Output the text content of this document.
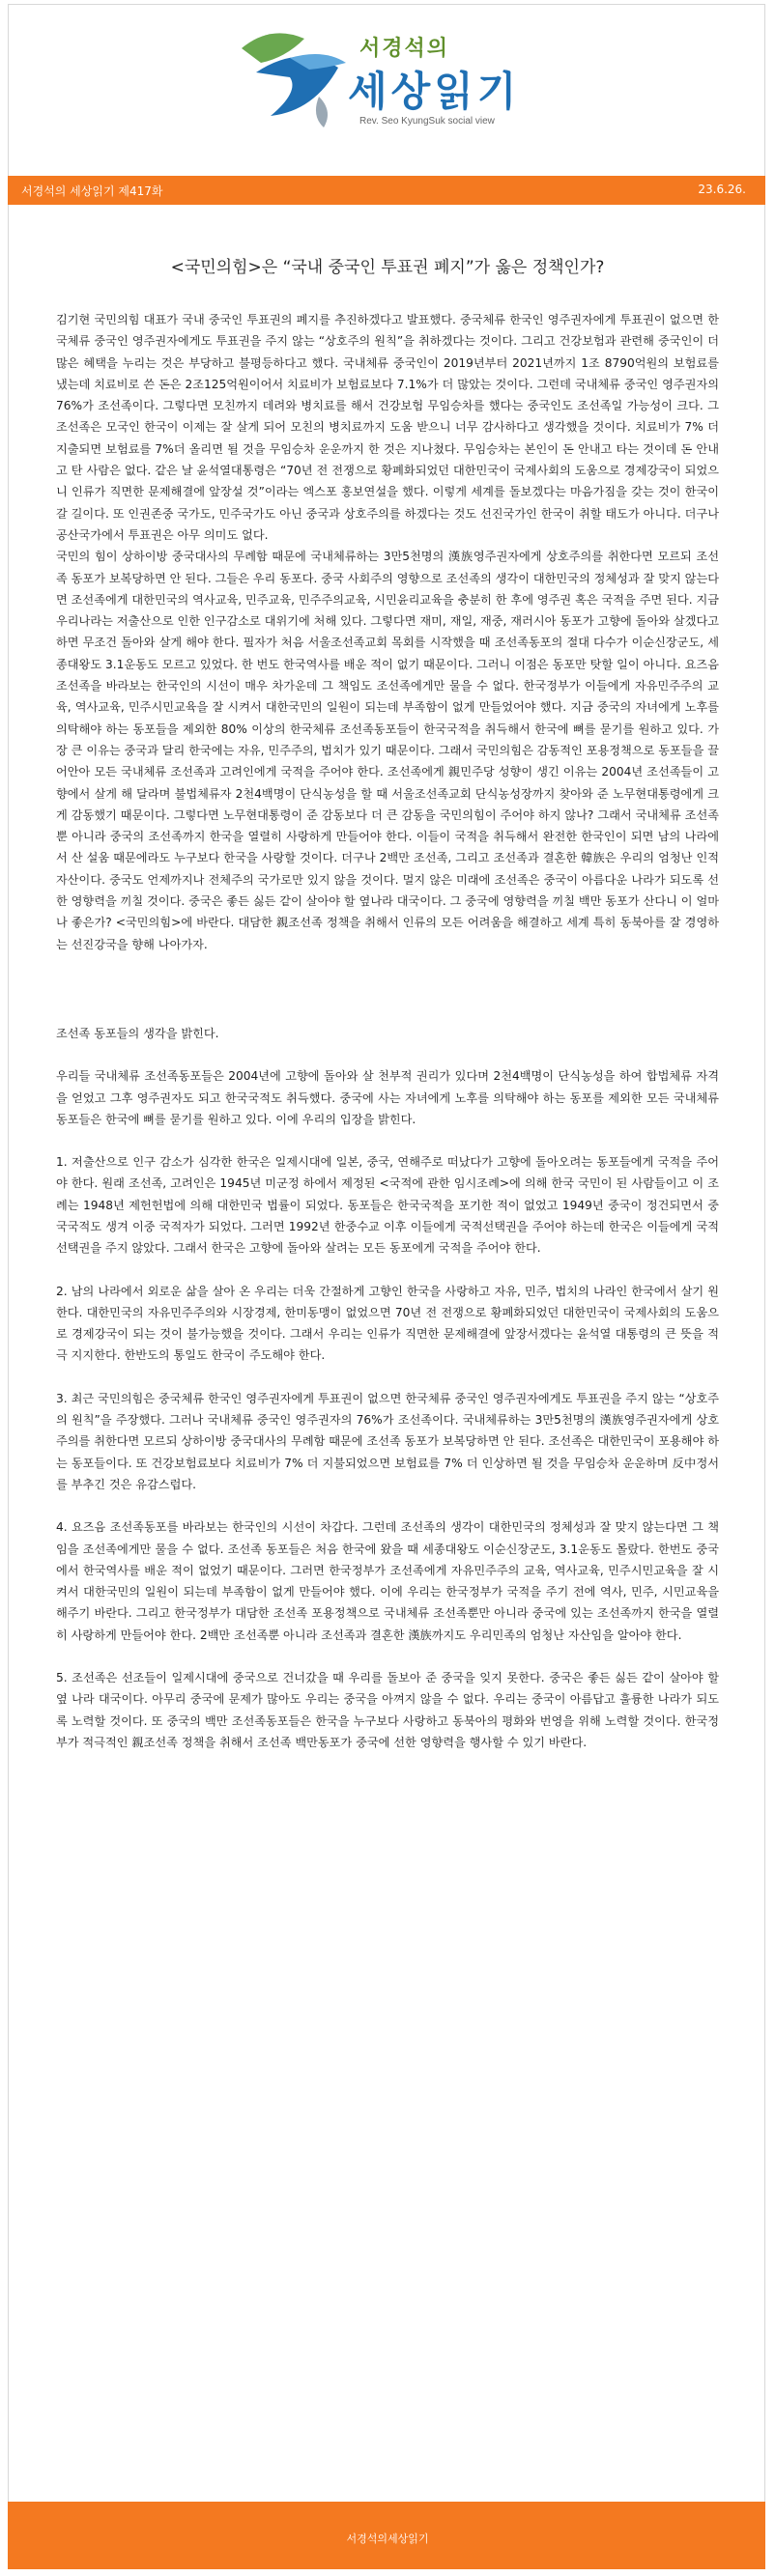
서경석의
세상읽기
Rev. Seo KyungSuk social view
서경석의 세상읽기 제417화	23.6.26.
<국민의힘>은 “국내 중국인 투표권 폐지”가 옳은 정책인가?

김기현 국민의힘 대표가 국내 중국인 투표권의 폐지를 추진하겠다고 발표했다. 중국체류 한국인 영주권자에게 투표권이 없으면 한국체류 중국인 영주권자에게도 투표권을 주지 않는 “상호주의 원칙”을 취하겠다는 것이다. 그리고 건강보험과 관련해 중국인이 더 많은 혜택을 누리는 것은 부당하고 불평등하다고 했다. 국내체류 중국인이 2019년부터 2021년까지 1조 8790억원의 보험료를 냈는데 치료비로 쓴 돈은 2조125억원이어서 치료비가 보험료보다 7.1%가 더 많았는 것이다. 그런데 국내체류 중국인 영주권자의 76%가 조선족이다. 그렇다면 모친까지 데려와 병치료를 해서 건강보험 무임승차를 했다는 중국인도 조선족일 가능성이 크다. 그 조선족은 모국인 한국이 이제는 잘 살게 되어 모친의 병치료까지 도움 받으니 너무 감사하다고 생각했을 것이다. 치료비가 7% 더 지출되면 보험료를 7%더 올리면 될 것을 무임승차 운운까지 한 것은 지나쳤다. 무임승차는 본인이 돈 안내고 타는 것이데 돈 안내고 탄 사람은 없다. 같은 날 윤석열대통령은 “70년 전 전쟁으로 황폐화되었던 대한민국이 국제사회의 도움으로 경제강국이 되었으니 인류가 직면한 문제해결에 앞장설 것”이라는 엑스포 홍보연설을 했다. 이렇게 세계를 돌보겠다는 마음가짐을 갖는 것이 한국이 갈 길이다. 또 인권존중 국가도, 민주국가도 아닌 중국과 상호주의를 하겠다는 것도 선진국가인 한국이 취할 태도가 아니다. 더구나 공산국가에서 투표권은 아무 의미도 없다.

국민의 힘이 상하이방 중국대사의 무례함 때문에 국내체류하는 3만5천명의 漢族영주권자에게 상호주의를 취한다면 모르되 조선족 동포가 보복당하면 안 된다. 그들은 우리 동포다. 중국 사회주의 영향으로 조선족의 생각이 대한민국의 정체성과 잘 맞지 않는다면 조선족에게 대한민국의 역사교육, 민주교육, 민주주의교육, 시민윤리교육을 충분히 한 후에 영주권 혹은 국적을 주면 된다. 지금 우리나라는 저출산으로 인한 인구감소로 대위기에 처해 있다. 그렇다면 재미, 재일, 재중, 재러시아 동포가 고향에 돌아와 살겠다고 하면 무조건 돌아와 살게 해야 한다. 필자가 처음 서울조선족교회 목회를 시작했을 때 조선족동포의 절대 다수가 이순신장군도, 세종대왕도 3.1운동도 모르고 있었다. 한 번도 한국역사를 배운 적이 없기 때문이다. 그러니 이점은 동포만 탓할 일이 아니다. 요즈음 조선족을 바라보는 한국인의 시선이 매우 차가운데 그 책임도 조선족에게만 물을 수 없다. 한국정부가 이들에게 자유민주주의 교육, 역사교육, 민주시민교육을 잘 시켜서 대한국민의 일원이 되는데 부족함이 없게 만들었어야 했다. 지금 중국의 자녀에게 노후를 의탁해야 하는 동포들을 제외한 80% 이상의 한국체류 조선족동포들이 한국국적을 취득해서 한국에 뼈를 묻기를 원하고 있다. 가장 큰 이유는 중국과 달리 한국에는 자유, 민주주의, 법치가 있기 때문이다. 그래서 국민의힘은 감동적인 포용정책으로 동포들을 끌어안아 모든 국내체류 조선족과 고려인에게 국적을 주어야 한다. 조선족에게 親민주당 성향이 생긴 이유는 2004년 조선족들이 고향에서 살게 해 달라며 불법체류자 2천4백명이 단식농성을 할 때 서울조선족교회 단식농성장까지 찾아와 준 노무현대통령에게 크게 감동했기 때문이다. 그렇다면 노무현대통령이 준 감동보다 더 큰 감동을 국민의힘이 주어야 하지 않나? 그래서 국내체류 조선족 뿐 아니라 중국의 조선족까지 한국을 열렬히 사랑하게 만들어야 한다. 이들이 국적을 취득해서 완전한 한국인이 되면 남의 나라에서 산 설움 때문에라도 누구보다 한국을 사랑할 것이다. 더구나 2백만 조선족, 그리고 조선족과 결혼한 韓族은 우리의 엄청난 인적 자산이다. 중국도 언제까지나 전체주의 국가로만 있지 않을 것이다. 멀지 않은 미래에 조선족은 중국이 아름다운 나라가 되도록 선한 영향력을 끼칠 것이다. 중국은 좋든 싫든 같이 살아야 할 옆나라 대국이다. 그 중국에 영향력을 끼칠 백만 동포가 산다니 이 얼마나 좋은가? <국민의힘>에 바란다. 대담한 親조선족 정책을 취해서 인류의 모든 어려움을 해결하고 세계 특히 동북아를 잘 경영하는 선진강국을 향해 나아가자.

조선족 동포들의 생각을 밝힌다.

우리들 국내체류 조선족동포들은 2004년에 고향에 돌아와 살 천부적 권리가 있다며 2천4백명이 단식농성을 하여 합법체류 자격을 얻었고 그후 영주권자도 되고 한국국적도 취득했다. 중국에 사는 자녀에게 노후를 의탁해야 하는 동포를 제외한 모든 국내체류 동포들은 한국에 뼈를 묻기를 원하고 있다. 이에 우리의 입장을 밝힌다.

1. 저출산으로 인구 감소가 심각한 한국은 일제시대에 일본, 중국, 연해주로 떠났다가 고향에 돌아오려는 동포들에게 국적을 주어야 한다. 원래 조선족, 고려인은 1945년 미군정 하에서 제정된 <국적에 관한 임시조례>에 의해 한국 국민이 된 사람들이고 이 조례는 1948년 제헌헌법에 의해 대한민국 법률이 되었다. 동포들은 한국국적을 포기한 적이 없었고 1949년 중국이 정건되면서 중국국적도 생겨 이중 국적자가 되었다. 그러면 1992년 한중수교 이후 이들에게 국적선택권을 주어야 하는데 한국은 이들에게 국적선택권을 주지 않았다. 그래서 한국은 고향에 돌아와 살려는 모든 동포에게 국적을 주어야 한다.

2. 남의 나라에서 외로운 삶을 살아 온 우리는 더욱 간절하게 고향인 한국을 사랑하고 자유, 민주, 법치의 나라인 한국에서 살기 원한다. 대한민국의 자유민주주의와 시장경제, 한미동맹이 없었으면 70년 전 전쟁으로 황폐화되었던 대한민국이 국제사회의 도움으로 경제강국이 되는 것이 불가능했을 것이다. 그래서 우리는 인류가 직면한 문제해결에 앞장서겠다는 윤석열 대통령의 큰 뜻을 적극 지지한다. 한반도의 통일도 한국이 주도해야 한다.

3. 최근 국민의힘은 중국체류 한국인 영주권자에게 투표권이 없으면 한국체류 중국인 영주권자에게도 투표권을 주지 않는 “상호주의 원칙”을 주장했다. 그러나 국내체류 중국인 영주권자의 76%가 조선족이다. 국내체류하는 3만5천명의 漢族영주권자에게 상호주의를 취한다면 모르되 상하이방 중국대사의 무례함 때문에 조선족 동포가 보복당하면 안 된다. 조선족은 대한민국이 포용해야 하는 동포들이다. 또 건강보험료보다 치료비가 7% 더 지불되었으면 보험료를 7% 더 인상하면 될 것을 무임승차 운운하며 反中정서를 부추긴 것은 유감스럽다.

4. 요즈음 조선족동포를 바라보는 한국인의 시선이 차갑다. 그런데 조선족의 생각이 대한민국의 정체성과 잘 맞지 않는다면 그 책임을 조선족에게만 물을 수 없다. 조선족 동포들은 처음 한국에 왔을 때 세종대왕도 이순신장군도, 3.1운동도 몰랐다. 한번도 중국에서 한국역사를 배운 적이 없었기 때문이다. 그러면 한국정부가 조선족에게 자유민주주의 교육, 역사교육, 민주시민교육을 잘 시켜서 대한국민의 일원이 되는데 부족함이 없게 만들어야 했다. 이에 우리는 한국정부가 국적을 주기 전에 역사, 민주, 시민교육을 해주기 바란다. 그리고 한국정부가 대담한 조선족 포용정책으로 국내체류 조선족뿐만 아니라 중국에 있는 조선족까지 한국을 열렬히 사랑하게 만들어야 한다. 2백만 조선족뿐 아니라 조선족과 결혼한 漢族까지도 우리민족의 엄청난 자산임을 알아야 한다.

5. 조선족은 선조들이 일제시대에 중국으로 건너갔을 때 우리를 돌보아 준 중국을 잊지 못한다. 중국은 좋든 싫든 같이 살아야 할 옆 나라 대국이다. 아무리 중국에 문제가 많아도 우리는 중국을 아껴지 않을 수 없다. 우리는 중국이 아름답고 훌륭한 나라가 되도록 노력할 것이다. 또 중국의 백만 조선족동포들은 한국을 누구보다 사랑하고 동북아의 평화와 번영을 위해 노력할 것이다. 한국정부가 적극적인 親조선족 정책을 취해서 조선족 백만동포가 중국에 선한 영향력을 행사할 수 있기 바란다.

서경석의세상읽기
